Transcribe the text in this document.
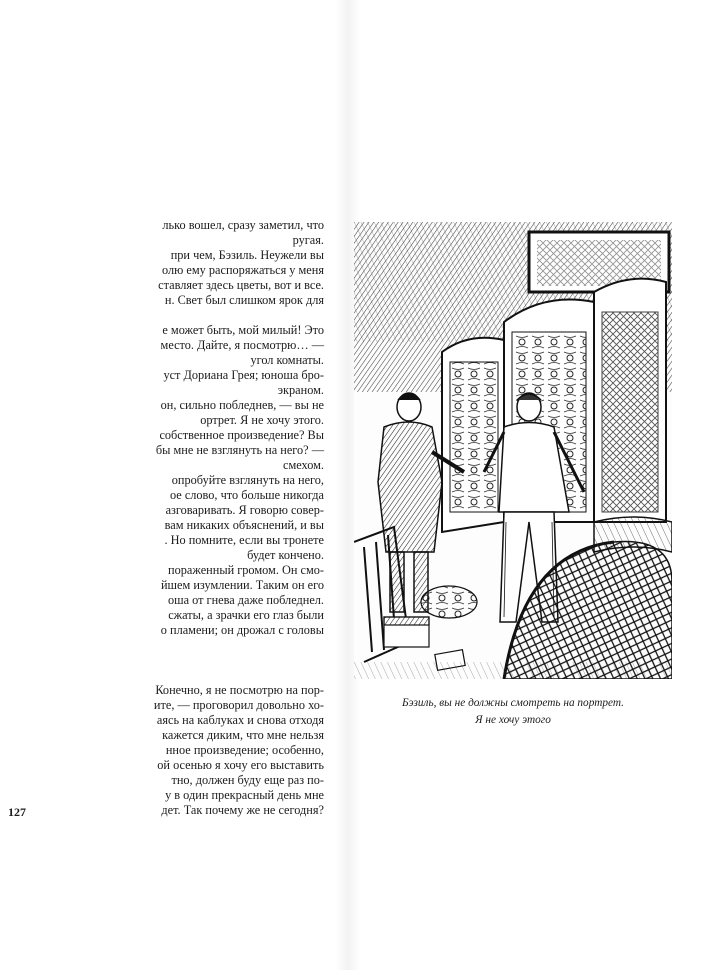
лько вошел, сразу заметил, что
ругая.
при чем, Бэзиль. Неужели вы
олю ему распоряжаться у меня
ставляет здесь цветы, вот и все.
н. Свет был слишком ярок для
е может быть, мой милый! Это
место. Дайте, я посмотрю… —
угол комнаты.
уст Дориана Грея; юноша бро-
экраном.
он, сильно побледнев, — вы не
ортрет. Я не хочу этого.
собственное произведение? Вы
бы мне не взглянуть на него? —
смехом.
опробуйте взглянуть на него,
ое слово, что больше никогда
азговаривать. Я говорю совер-
вам никаких объяснений, и вы
. Но помните, если вы тронете
будет кончено.
пораженный громом. Он смо-
йшем изумлении. Таким он его
оша от гнева даже побледнел.
сжаты, а зрачки его глаз были
о пламени; он дрожал с головы
Конечно, я не посмотрю на пор-
ите, — проговорил довольно хо-
аясь на каблуках и снова отходя
кажется диким, что мне нельзя
нное произведение; особенно,
ой осенью я хочу его выставить
тно, должен буду еще раз по-
у в один прекрасный день мне
дет. Так почему же не сегодня?
127
Бэзиль, вы не должны смотреть на портрет.
Я не хочу этого
